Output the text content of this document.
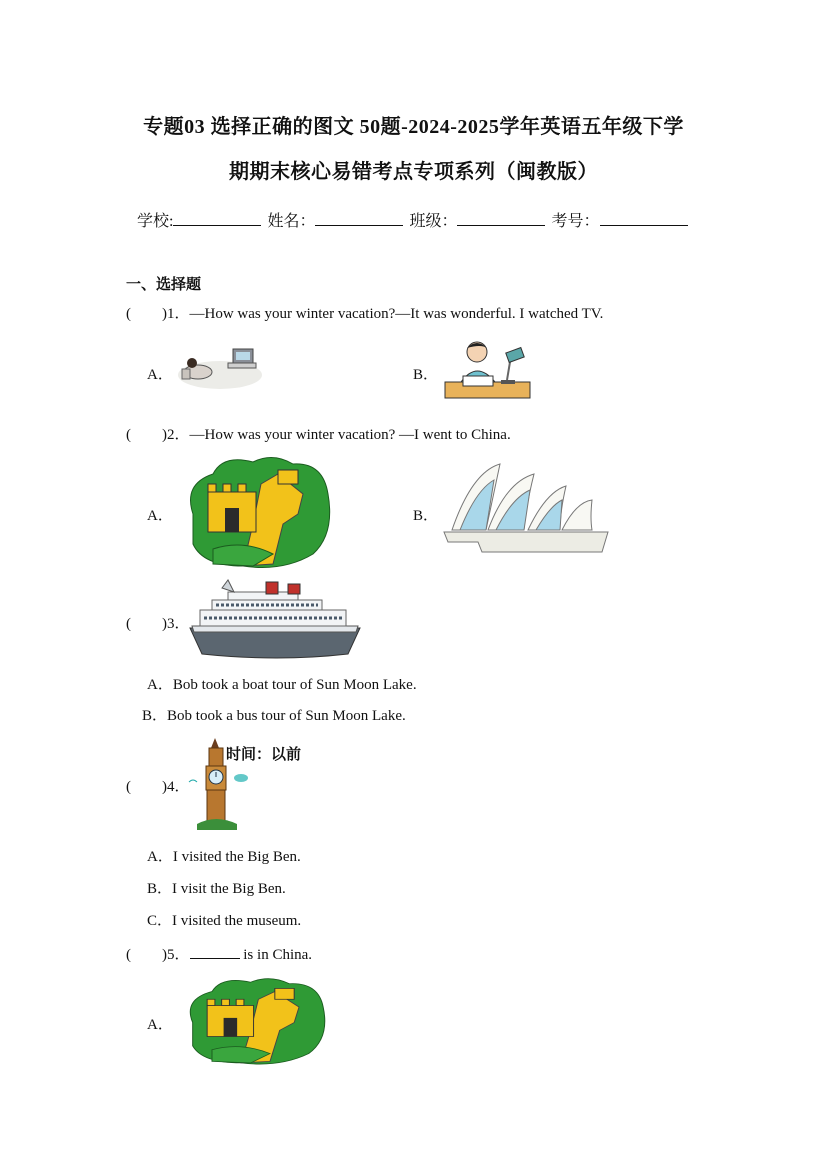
专题03 选择正确的图文 50题-2024-2025学年英语五年级下学
期期末核心易错考点专项系列（闽教版）
学校:	姓名：	班级：	考号：
一、选择题
( )1．—How was your winter vacation?—It was wonderful. I watched TV.
A．	B．
( )2．—How was your winter vacation? —I went to China.
A．	B．
( )3．
A．Bob took a boat tour of Sun Moon Lake.
B．Bob took a bus tour of Sun Moon Lake.
时间：以前
( )4．
A．I visited the Big Ben.
B．I visit the Big Ben.
C．I visited the museum.
( )5．	is in China.
A．
